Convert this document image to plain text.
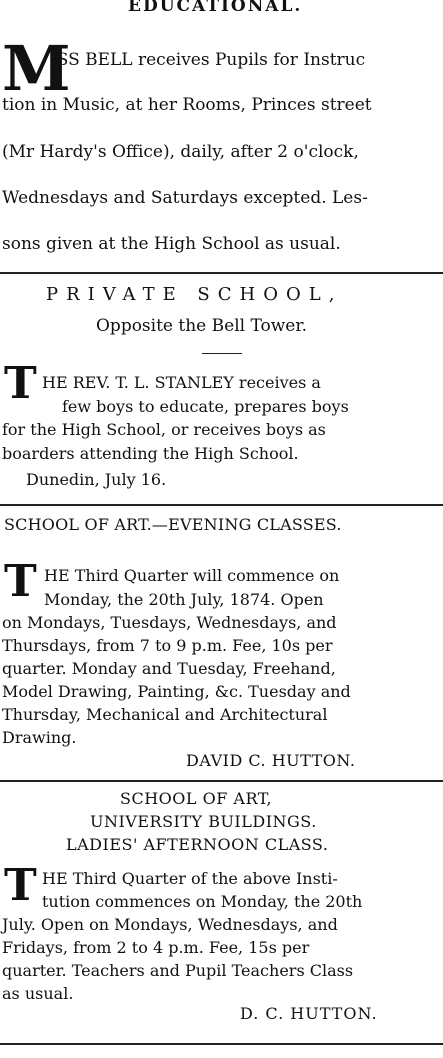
EDUCATIONAL.
M
ISS BELL receives Pupils for Instruc
tion in Music, at her Rooms, Princes street
(Mr Hardy's Office), daily, after 2 o'clock,
Wednesdays and Saturdays excepted. Les-
sons given at the High School as usual.
PRIVATE SCHOOL,
Opposite the Bell Tower.
T HE REV. T. L. STANLEY receives a
few boys to educate, prepares boys
for the High School, or receives boys as
boarders attending the High School.
Dunedin, July 16.
SCHOOL OF ART.—EVENING CLASSES.
T HE Third Quarter will commence on
Monday, the 20th July, 1874. Open
on Mondays, Tuesdays, Wednesdays, and
Thursdays, from 7 to 9 p.m. Fee, 10s per
quarter. Monday and Tuesday, Freehand,
Model Drawing, Painting, &c. Tuesday and
Thursday, Mechanical and Architectural
Drawing.
DAVID C. HUTTON.
SCHOOL OF ART,
UNIVERSITY BUILDINGS.
LADIES' AFTERNOON CLASS.
T HE Third Quarter of the above Insti-
tution commences on Monday, the 20th
July. Open on Mondays, Wednesdays, and
Fridays, from 2 to 4 p.m. Fee, 15s per
quarter. Teachers and Pupil Teachers Class
as usual.
D. C. HUTTON.
